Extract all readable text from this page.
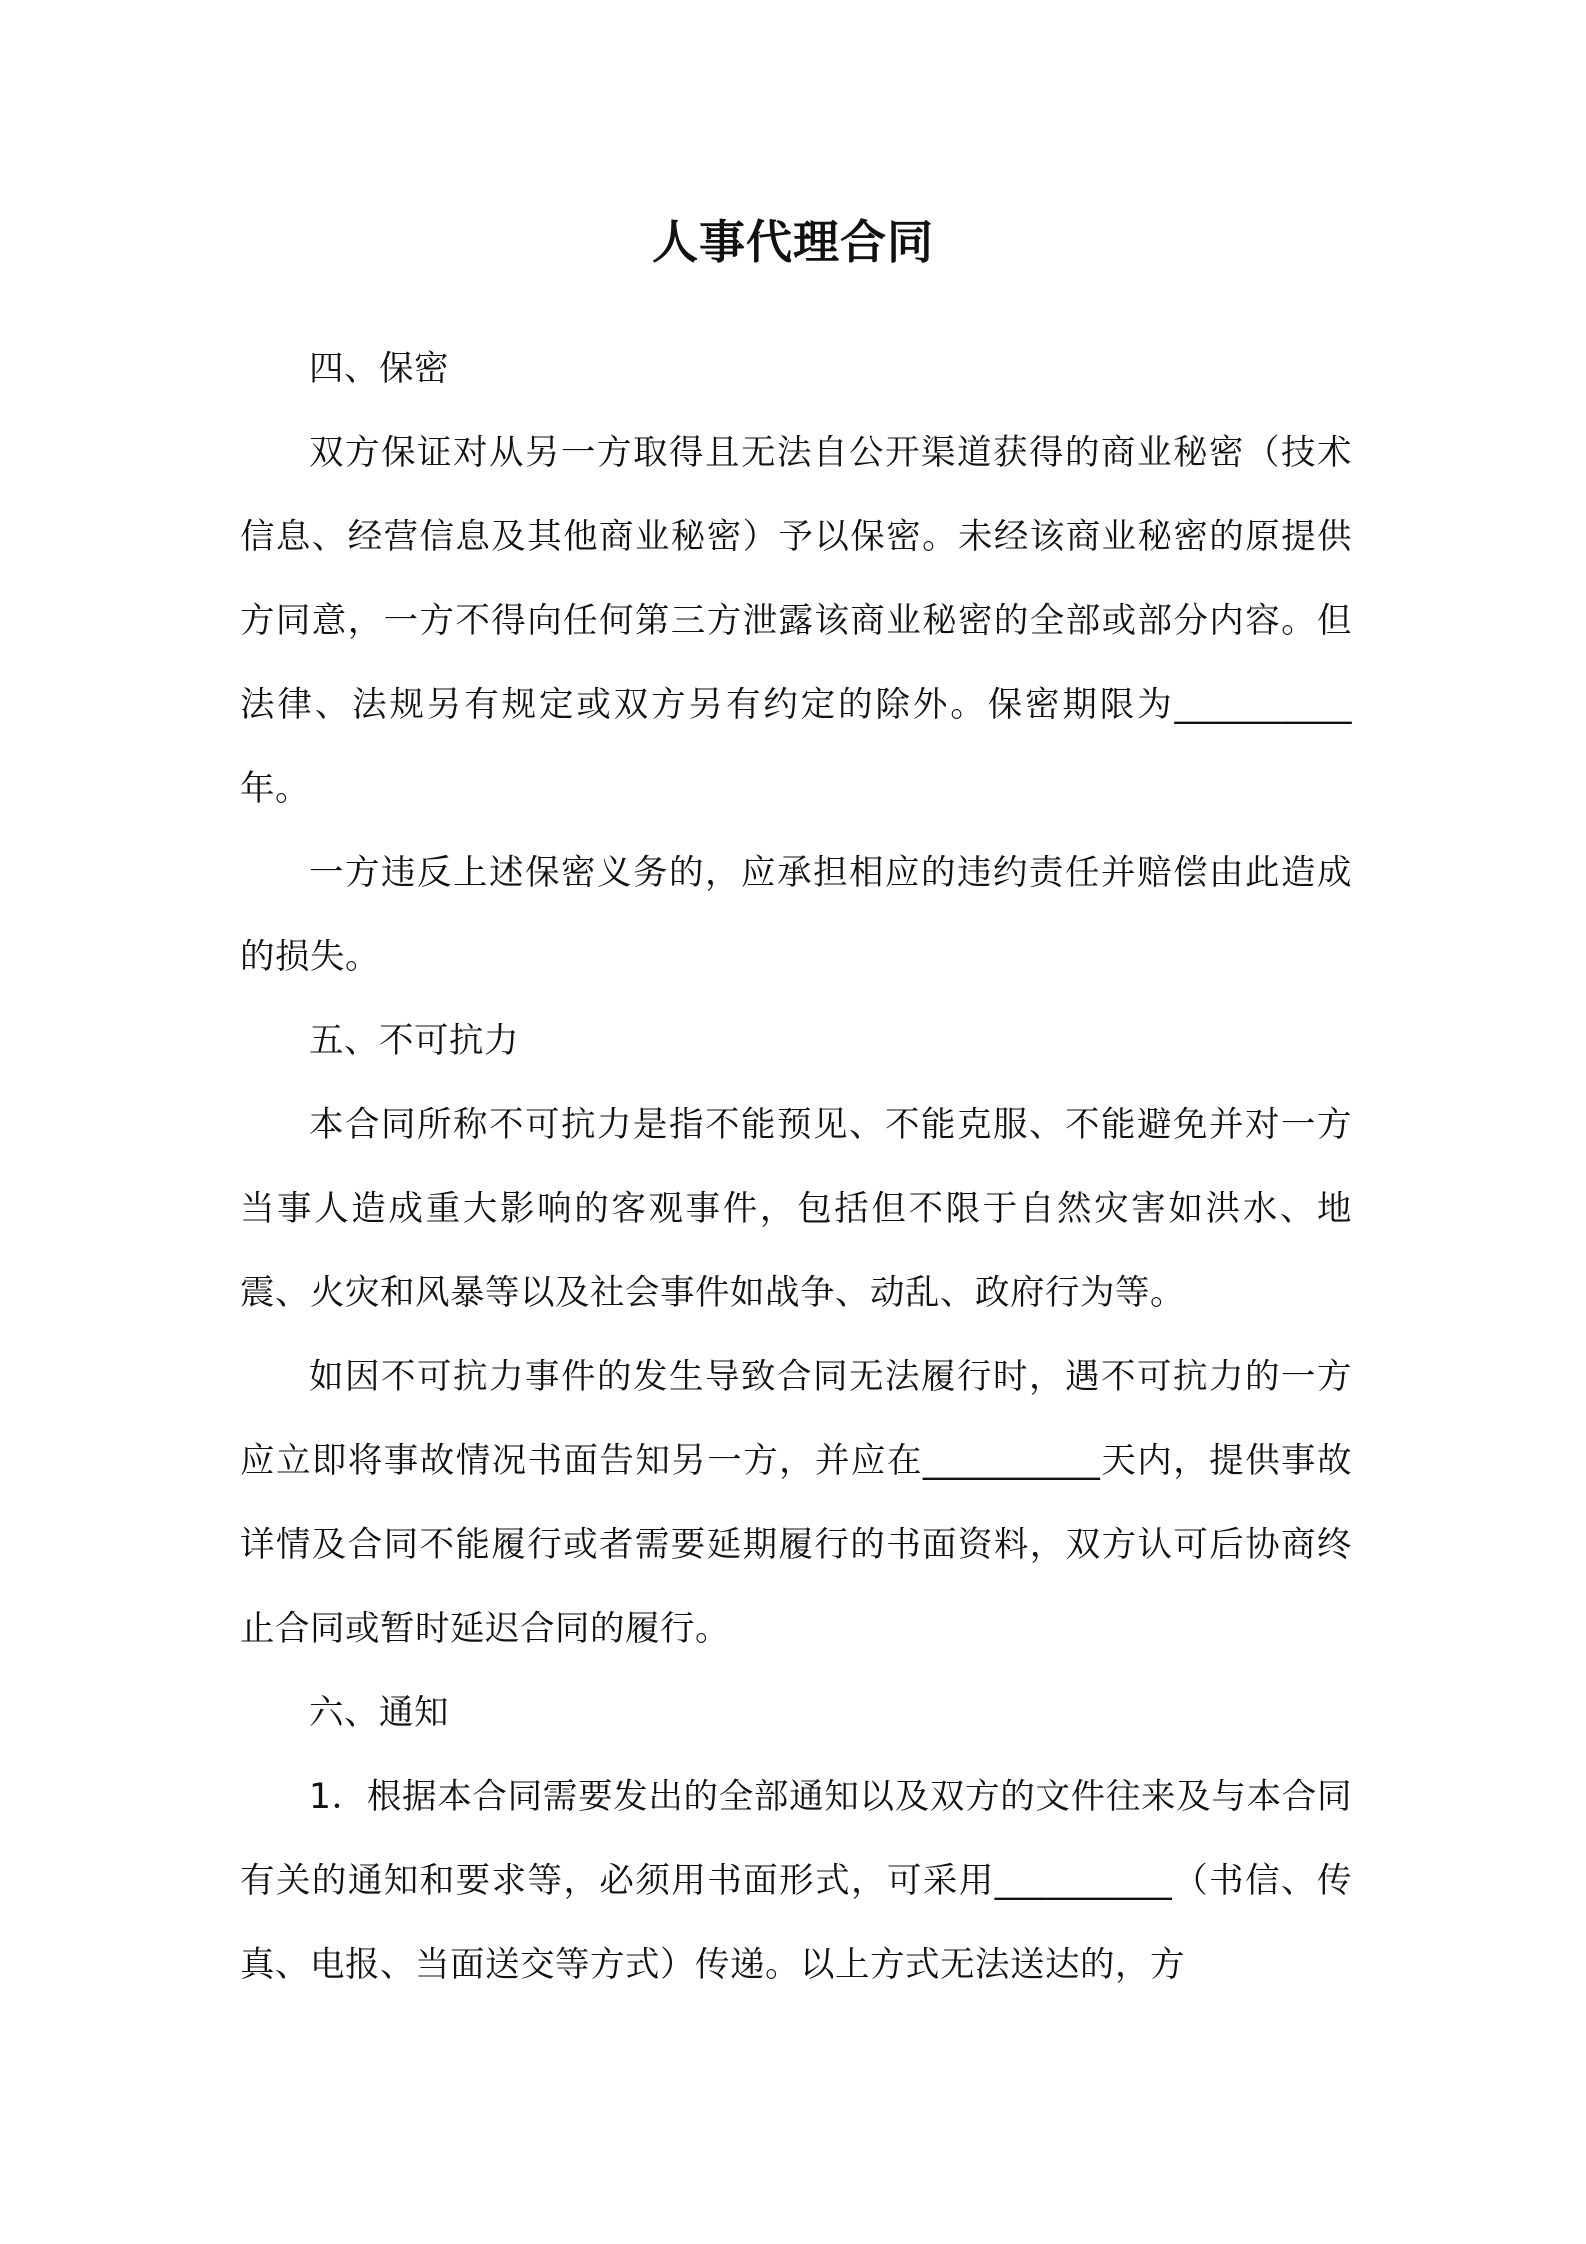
人事代理合同

四、保密

双方保证对从另一方取得且无法自公开渠道获得的商业秘密（技术信息、经营信息及其他商业秘密）予以保密。未经该商业秘密的原提供方同意，一方不得向任何第三方泄露该商业秘密的全部或部分内容。但法律、法规另有规定或双方另有约定的除外。保密期限为__________年。

一方违反上述保密义务的，应承担相应的违约责任并赔偿由此造成的损失。

五、不可抗力

本合同所称不可抗力是指不能预见、不能克服、不能避免并对一方当事人造成重大影响的客观事件，包括但不限于自然灾害如洪水、地震、火灾和风暴等以及社会事件如战争、动乱、政府行为等。

如因不可抗力事件的发生导致合同无法履行时，遇不可抗力的一方应立即将事故情况书面告知另一方，并应在__________天内，提供事故详情及合同不能履行或者需要延期履行的书面资料，双方认可后协商终止合同或暂时延迟合同的履行。

六、通知

1．根据本合同需要发出的全部通知以及双方的文件往来及与本合同有关的通知和要求等，必须用书面形式，可采用__________（书信、传真、电报、当面送交等方式）传递。以上方式无法送达的，方
